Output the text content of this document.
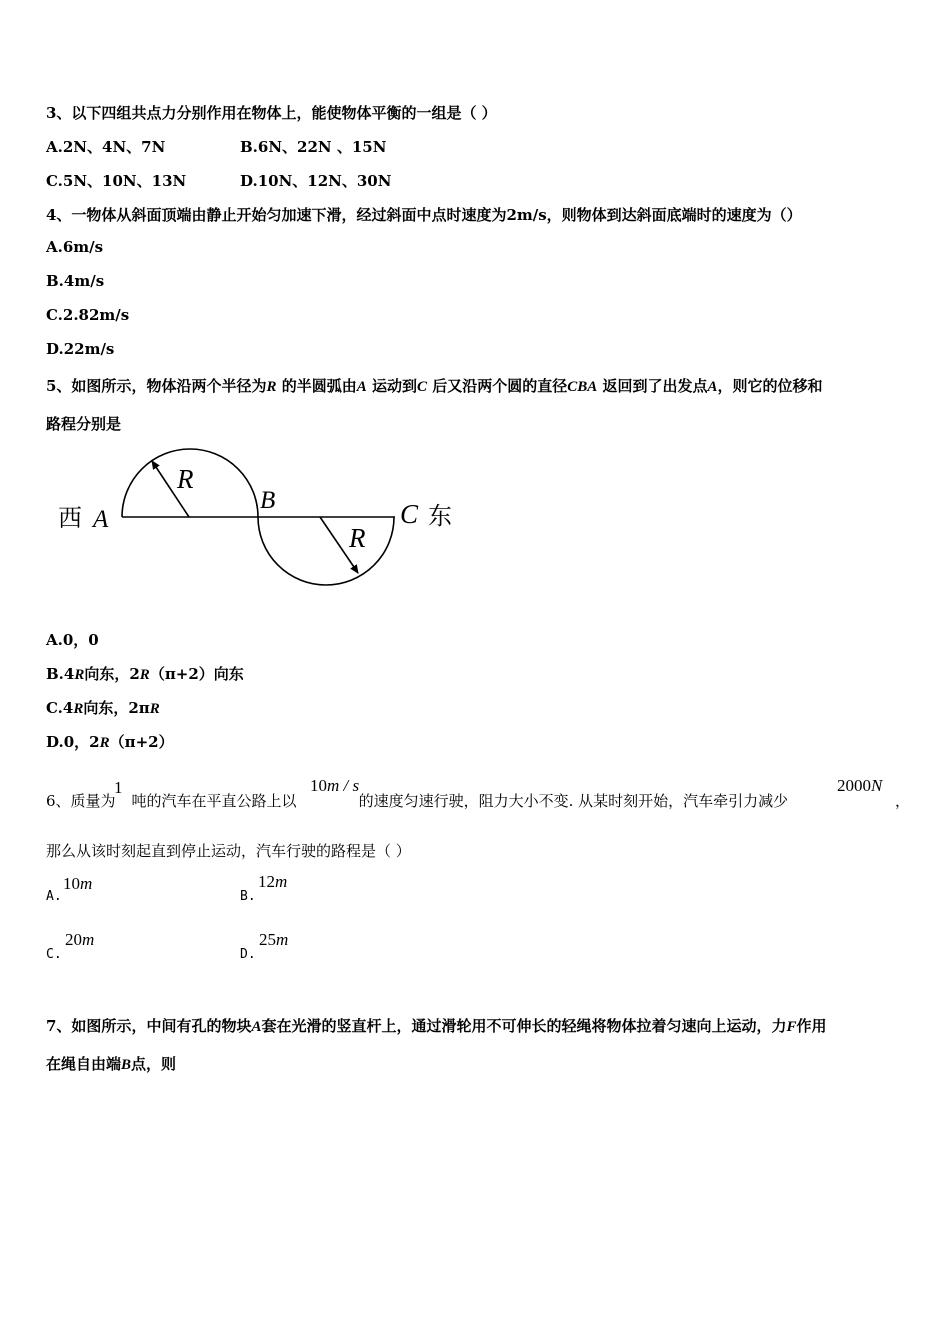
3、以下四组共点力分别作用在物体上，能使物体平衡的一组是（ ）
A.2N、4N、7N	B.6N、22N 、15N
C.5N、10N、13N	D.10N、12N、30N
4、一物体从斜面顶端由静止开始匀加速下滑，经过斜面中点时速度为2m/s，则物体到达斜面底端时的速度为（）
A.6m/s
B.4m/s
C.2.82m/s
D.22m/s
5、如图所示，物体沿两个半径为R 的半圆弧由A 运动到C 后又沿两个圆的直径CBA 返回到了出发点A，则它的位移和
路程分别是
西 A
R
B	C 东
R
A.0，0
B.4R向东，2R（π+2）向东
C.4R向东，2πR
D.0，2R（π+2）
6、质量为 吨的汽车在平直公路上以	的速度匀速行驶，阻力大小不变. 从某时刻开始，汽车牵引力减少
1	10m / s	2000N
，
那么从该时刻起直到停止运动，汽车行驶的路程是（ ）
A.
10m
B.
12m
C.
20m
D.
25m
7、如图所示，中间有孔的物块A套在光滑的竖直杆上，通过滑轮用不可伸长的轻绳将物体拉着匀速向上运动，力F作用
在绳自由端B点，则
